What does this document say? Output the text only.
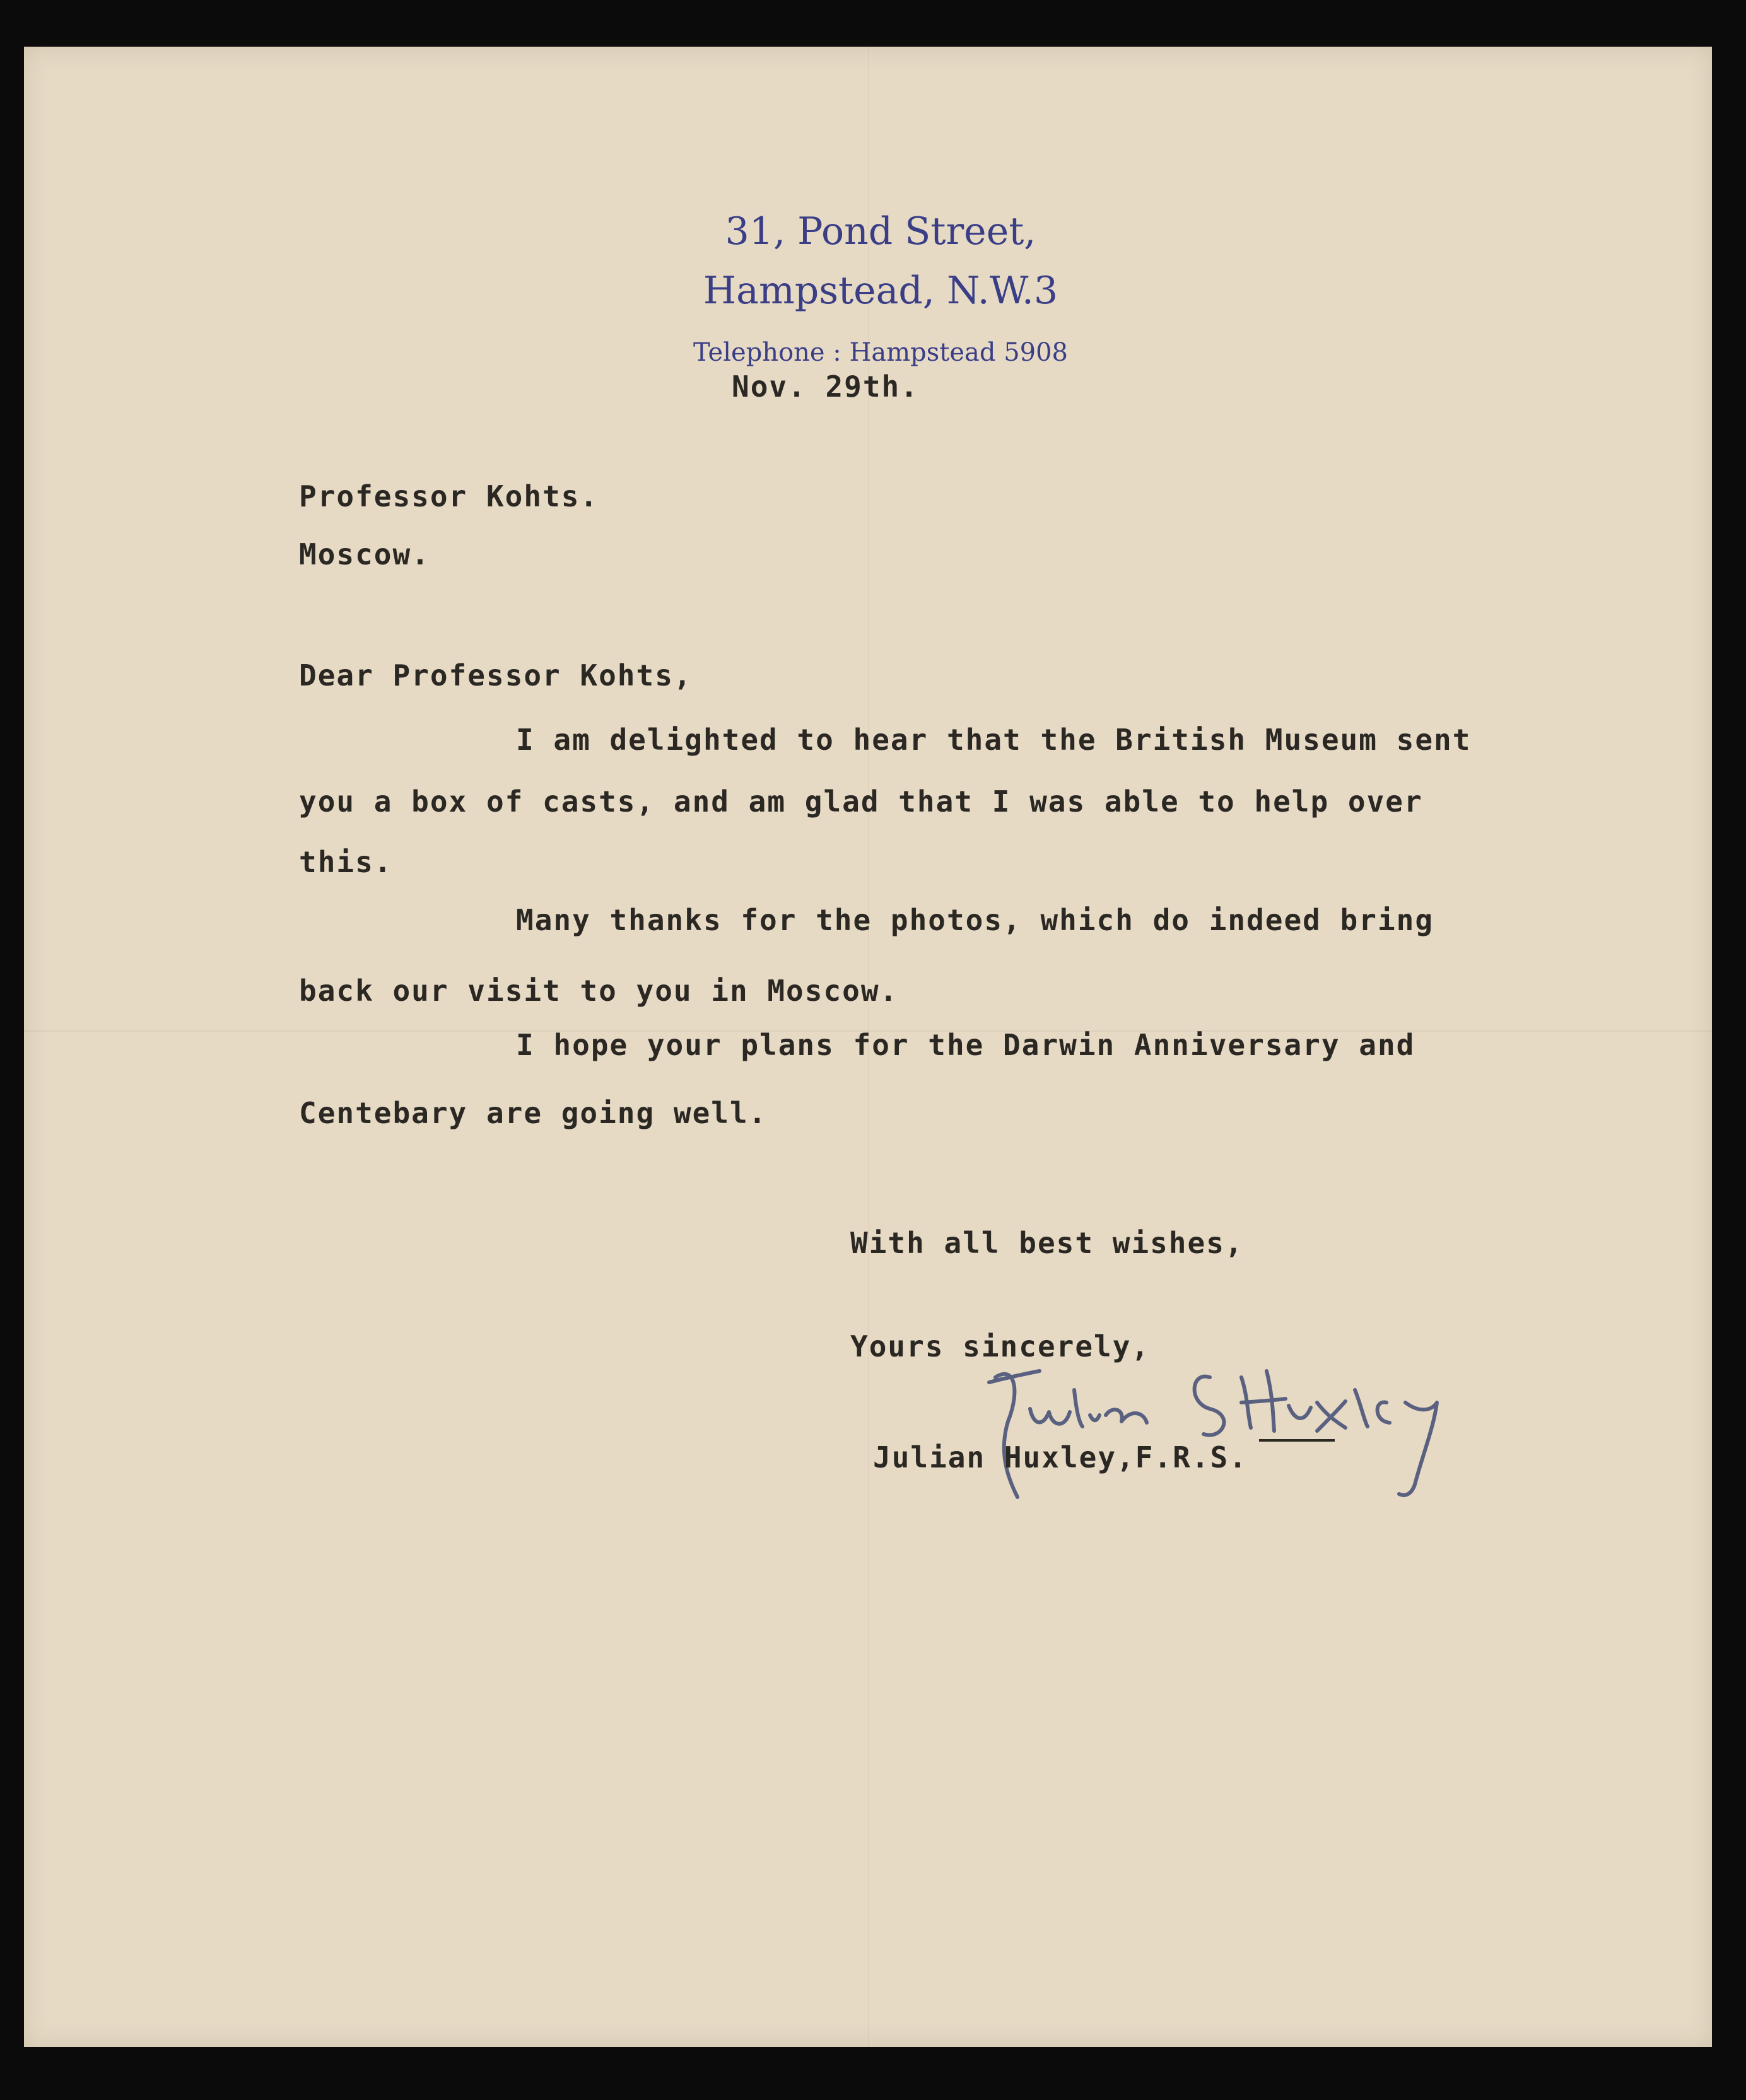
31, Pond Street,
Hampstead, N.W.3
Telephone : Hampstead 5908
Nov. 29th.
Professor Kohts.
Moscow.
Dear Professor Kohts,
I am delighted to hear that the British Museum sent
you a box of casts, and am glad that I was able to help over
this.
Many thanks for the photos, which do indeed bring
back our visit to you in Moscow.
I hope your plans for the Darwin Anniversary and
Centebary are going well.
With all best wishes,
Yours sincerely,
Julian Huxley,F.R.S.
